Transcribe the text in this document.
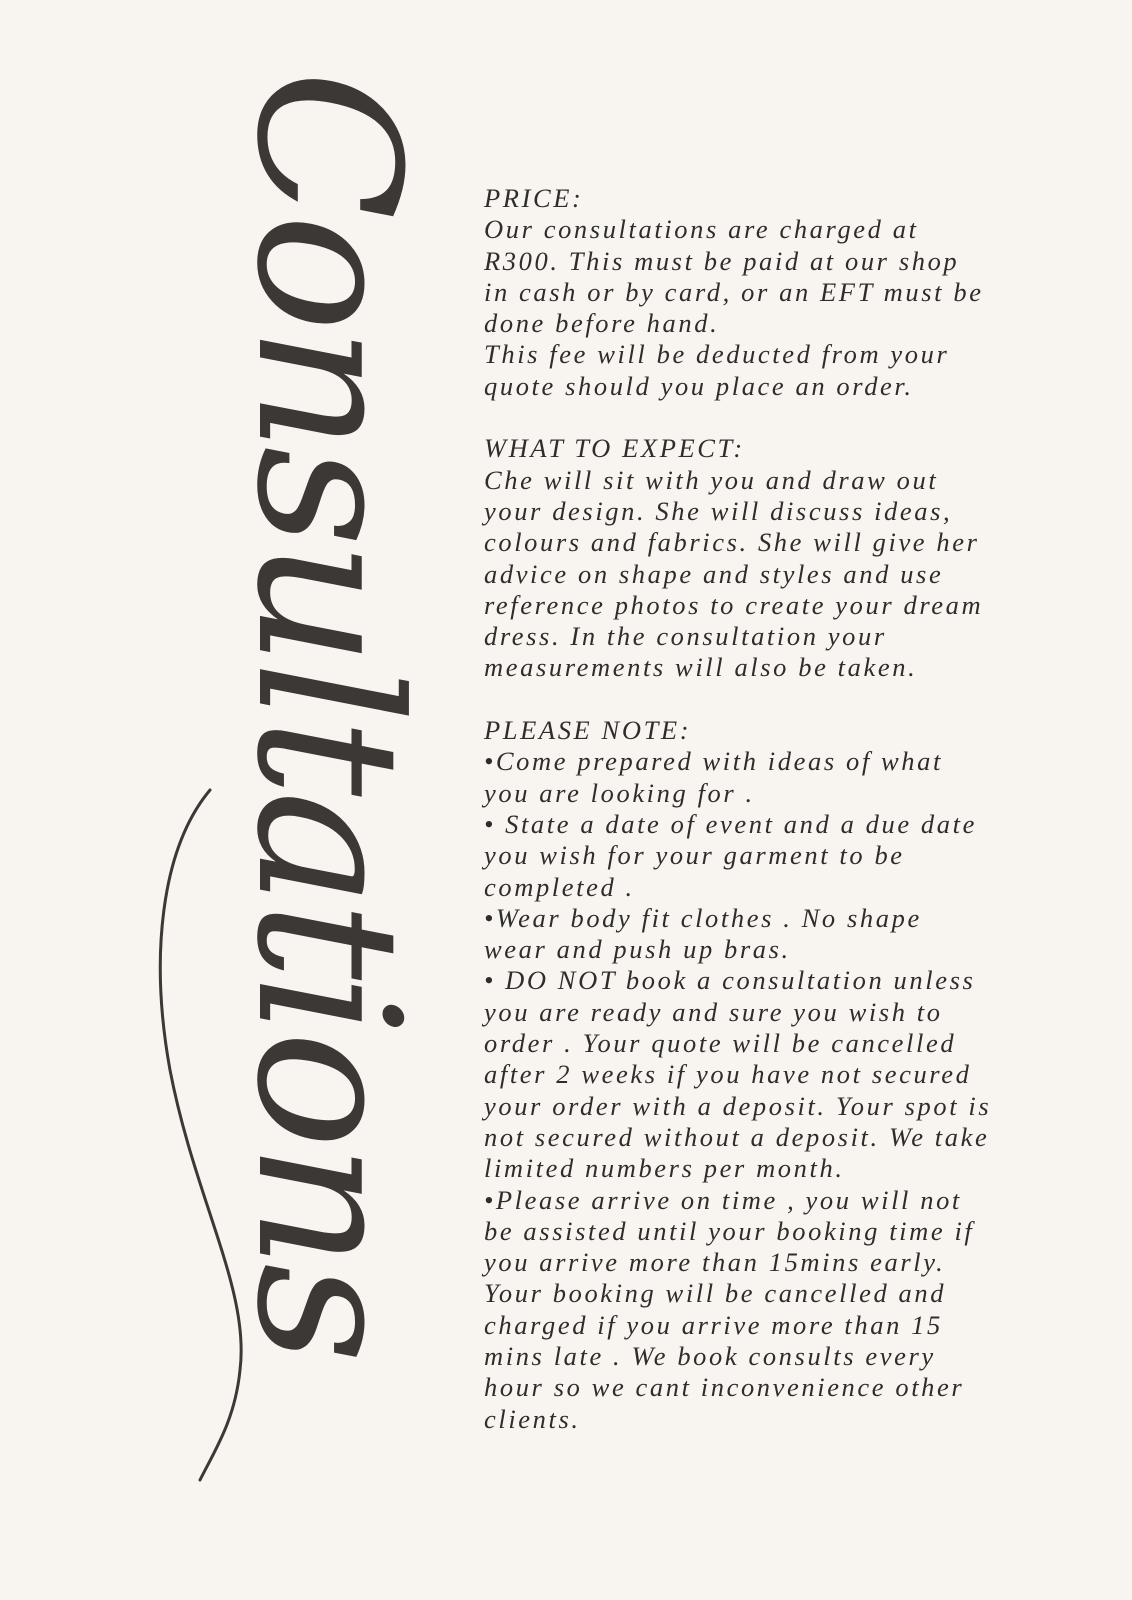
Consultations PRICE:
Our consultations are charged at
R300. This must be paid at our shop
in cash or by card, or an EFT must be
done before hand.
This fee will be deducted from your
quote should you place an order.
WHAT TO EXPECT:
Che will sit with you and draw out
your design. She will discuss ideas,
colours and fabrics. She will give her
advice on shape and styles and use
reference photos to create your dream
dress. In the consultation your
measurements will also be taken.
PLEASE NOTE:
•Come prepared with ideas of what
you are looking for .
• State a date of event and a due date
you wish for your garment to be
completed .
•Wear body fit clothes . No shape
wear and push up bras.
• DO NOT book a consultation unless
you are ready and sure you wish to
order . Your quote will be cancelled
after 2 weeks if you have not secured
your order with a deposit. Your spot is
not secured without a deposit. We take
limited numbers per month.
•Please arrive on time , you will not
be assisted until your booking time if
you arrive more than 15mins early.
Your booking will be cancelled and
charged if you arrive more than 15
mins late . We book consults every
hour so we cant inconvenience other
clients.
